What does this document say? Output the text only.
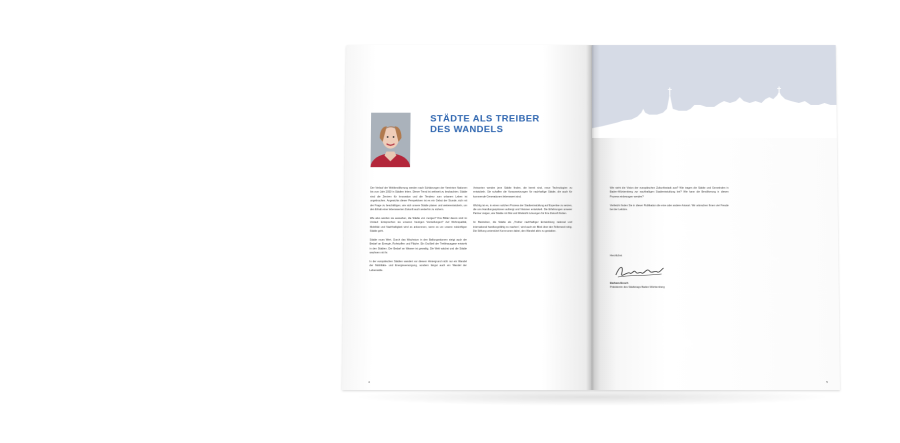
STÄDTE ALS TREIBER
DES WANDELS

Der Verlauf der Weltbevölkerung werden nach Schätzungen der Vereinten Nationen bis zum Jahr 2050 in Städten leben. Dieser Trend ist weltweit zu beobachten. Städte sind die Zentren für Innovation und die Tendenz zum urbanen Leben ist ungebrochen. Angesichts dieser Perspektiven ist es ein Gebot der Stunde, sich mit der Frage zu beschäftigen, wie sich unsere Städte planen und weiterentwickeln, um den Erhalt einer lebenswerten Zukunft auch weiterhin zu sichern.

Wie also werden sie aussehen, die Städte von morgen? Ihre Bilder davon sind im Umlauf. Entsprechen sie unseren heutigen Vorstellungen? Auf Wohnqualität, Mobilität und Nachhaltigkeit wird es ankommen, wenn es um unsere zukünftigen Städte geht.

Städte muss Wert. Durch das Wachstum in den Ballungsräumen steigt auch der Bedarf an Energie, Rohstoffen und Fläche. Ein Großteil der Treibhausgase entsteht in den Städten. Der Bedarf an Wasser ist gewaltig. Die Welt wächst und die Städte wachsen mit ihr.

In der europäischen Städten wandert vor diesem Hintergrund nicht nur ein Wandel der Mobilitäts- und Energieversorgung, sondern längst auch ein Wandel der Lebensstile.

Antworten werden jene Städte finden, die bereit sind, neue Technologien zu entwickeln. Sie schaffen die Voraussetzungen für nachhaltige Städte, die auch für kommende Generationen lebenswert sind.

Wichtig ist es, in einem solchen Prozess der Stadtentwicklung auf Expertise zu setzen, die uns Handlungsoptionen aufzeigt und Visionen entwickelt. Die Erfahrungen unserer Partner zeigen, wie Städte mit Mut und Weitsicht Lösungen für ihre Zukunft finden.

Im Bestreben, die Städte als „Treiber nachhaltiger Entwicklung national und international handlungsfähig zu machen“, wird auch ein Blick über den Tellerrand nötig. Die Stiftung unterstützt Kommunen dabei, den Wandel aktiv zu gestalten.

4

Wie sieht die Vision der europäischen Zukunftsstadt aus? Wie tragen die Städte und Gemeinden in Baden-Württemberg zur nachhaltigen Stadtentwicklung bei? Wie kann die Bevölkerung in diesen Prozess einbezogen werden?

Vielleicht finden Sie in dieser Publikation die eine oder andere Antwort. Wir wünschen Ihnen viel Freude bei der Lektüre.

Herzlichst
Barbara Bosch
Präsidentin des Städtetags Baden-Württemberg
5
